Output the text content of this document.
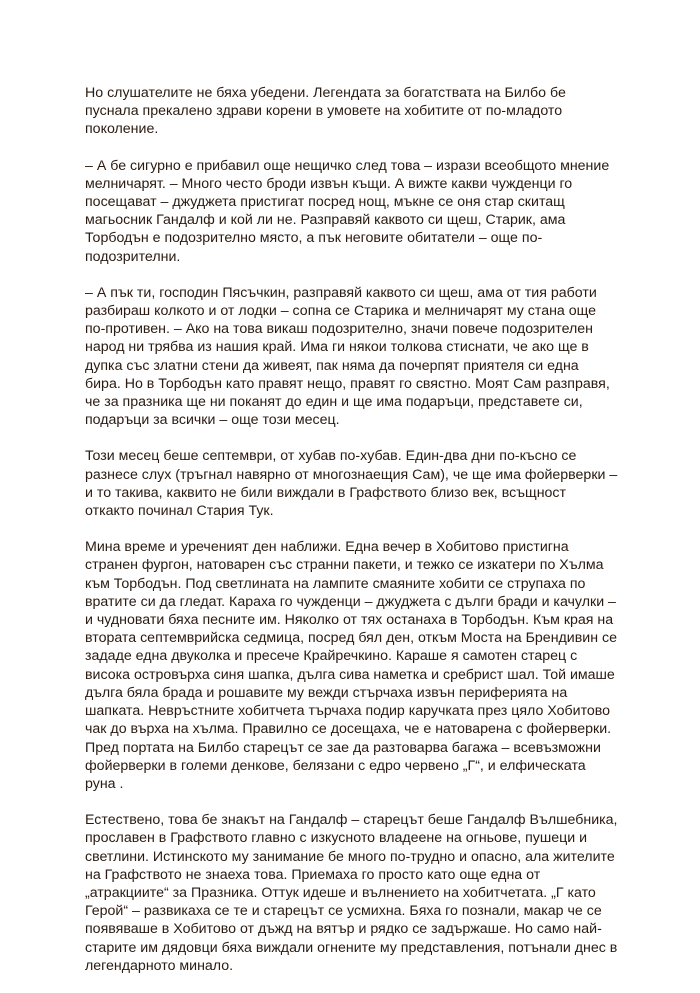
Но слушателите не бяха убедени. Легендата за богатствата на Билбо бе
пуснала прекалено здрави корени в умовете на хобитите от по-младото
поколение.

– А бе сигурно е прибавил още нещичко след това – изрази всеобщото мнение
мелничарят. – Много често броди извън къщи. А вижте какви чужденци го
посещават – джуджета пристигат посред нощ, мъкне се оня стар скитащ
магьосник Гандалф и кой ли не. Разправяй каквото си щеш, Старик, ама
Торбодън е подозрително място, а пък неговите обитатели – още по-
подозрителни.

– А пък ти, господин Пясъчкин, разправяй каквото си щеш, ама от тия работи
разбираш колкото и от лодки – сопна се Старика и мелничарят му стана още
по-противен. – Ако на това викаш подозрително, значи повече подозрителен
народ ни трябва из нашия край. Има ги някои толкова стиснати, че ако ще в
дупка със златни стени да живеят, пак няма да почерпят приятеля си една
бира. Но в Торбодън като правят нещо, правят го свястно. Моят Сам разправя,
че за празника ще ни поканят до един и ще има подаръци, представете си,
подаръци за всички – още този месец.

Този месец беше септември, от хубав по-хубав. Един-два дни по-късно се
разнесе слух (тръгнал навярно от многознаещия Сам), че ще има фойерверки –
и то такива, каквито не били виждали в Графството близо век, всъщност
откакто починал Стария Тук.

Мина време и уреченият ден наближи. Една вечер в Хобитово пристигна
странен фургон, натоварен със странни пакети, и тежко се изкатери по Хълма
към Торбодън. Под светлината на лампите смаяните хобити се струпаха по
вратите си да гледат. Караха го чужденци – джуджета с дълги бради и качулки –
и чудновати бяха песните им. Няколко от тях останаха в Торбодън. Към края на
втората септемврийска седмица, посред бял ден, откъм Моста на Брендивин се
зададе една двуколка и пресече Крайречкино. Караше я самотен старец с
висока островърха синя шапка, дълга сива наметка и сребрист шал. Той имаше
дълга бяла брада и рошавите му вежди стърчаха извън периферията на
шапката. Невръстните хобитчета търчаха подир каручката през цяло Хобитово
чак до върха на хълма. Правилно се досещаха, че е натоварена с фойерверки.
Пред портата на Билбо старецът се зае да разтоварва багажа – всевъзможни
фойерверки в големи денкове, белязани с едро червено „Г“, и елфическата
руна .

Естествено, това бе знакът на Гандалф – старецът беше Гандалф Вълшебника,
прославен в Графството главно с изкусното владеене на огньове, пушеци и
светлини. Истинското му занимание бе много по-трудно и опасно, ала жителите
на Графството не знаеха това. Приемаха го просто като още една от
„атракциите“ за Празника. Оттук идеше и вълнението на хобитчетата. „Г като
Герой“ – развикаха се те и старецът се усмихна. Бяха го познали, макар че се
появяваше в Хобитово от дъжд на вятър и рядко се задържаше. Но само най-
старите им дядовци бяха виждали огнените му представления, потънали днес в
легендарното минало.
